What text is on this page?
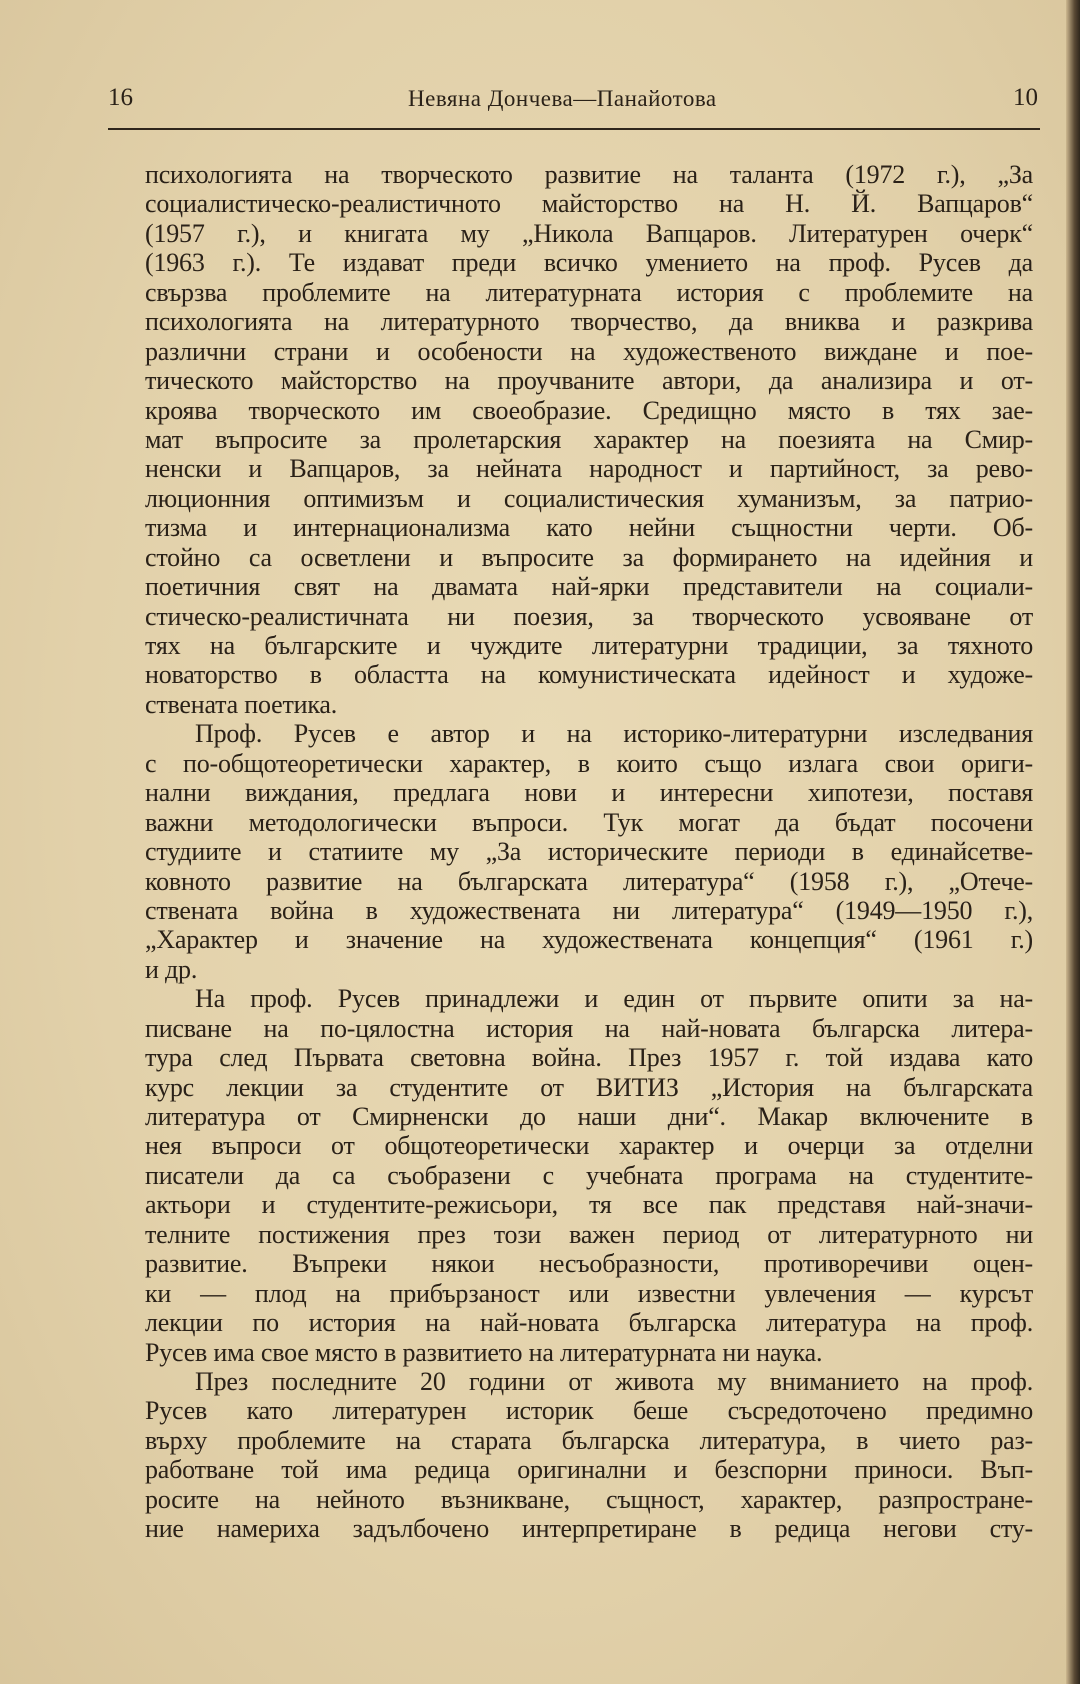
16	Невяна Дончева—Панайотова	10
психологията на творческото развитие на таланта (1972 г.), „За
социалистическо-реалистичното майсторство на Н. Й. Вапцаров“
(1957 г.), и книгата му „Никола Вапцаров. Литературен очерк“
(1963 г.). Те издават преди всичко умението на проф. Русев да
свързва проблемите на литературната история с проблемите на
психологията на литературното творчество, да вниква и разкрива
различни страни и особености на художественото виждане и пое-
тическото майсторство на проучваните автори, да анализира и от-
кроява творческото им своеобразие. Средищно място в тях зае-
мат въпросите за пролетарския характер на поезията на Смир-
ненски и Вапцаров, за нейната народност и партийност, за рево-
люционния оптимизъм и социалистическия хуманизъм, за патрио-
тизма и интернационализма като нейни същностни черти. Об-
стойно са осветлени и въпросите за формирането на идейния и
поетичния свят на двамата най-ярки представители на социали-
стическо-реалистичната ни поезия, за творческото усвояване от
тях на българските и чуждите литературни традиции, за тяхното
новаторство в областта на комунистическата идейност и художе-
ствената поетика.
Проф. Русев е автор и на историко-литературни изследвания
с по-общотеоретически характер, в които също излага свои ориги-
нални виждания, предлага нови и интересни хипотези, поставя
важни методологически въпроси. Тук могат да бъдат посочени
студиите и статиите му „За историческите периоди в единайсетве-
ковното развитие на българската литература“ (1958 г.), „Отече-
ствената война в художествената ни литература“ (1949—1950 г.),
„Характер и значение на художествената концепция“ (1961 г.)
и др.
На проф. Русев принадлежи и един от първите опити за на-
писване на по-цялостна история на най-новата българска литера-
тура след Първата световна война. През 1957 г. той издава като
курс лекции за студентите от ВИТИЗ „История на българската
литература от Смирненски до наши дни“. Макар включените в
нея въпроси от общотеоретически характер и очерци за отделни
писатели да са съобразени с учебната програма на студентите-
актьори и студентите-режисьори, тя все пак представя най-значи-
телните постижения през този важен период от литературното ни
развитие. Въпреки някои несъобразности, противоречиви оцен-
ки — плод на прибързаност или известни увлечения — курсът
лекции по история на най-новата българска литература на проф.
Русев има свое място в развитието на литературната ни наука.
През последните 20 години от живота му вниманието на проф.
Русев като литературен историк беше съсредоточено предимно
върху проблемите на старата българска литература, в чието раз-
работване той има редица оригинални и безспорни приноси. Въп-
росите на нейното възникване, същност, характер, разпростране-
ние намериха задълбочено интерпретиране в редица негови сту-
